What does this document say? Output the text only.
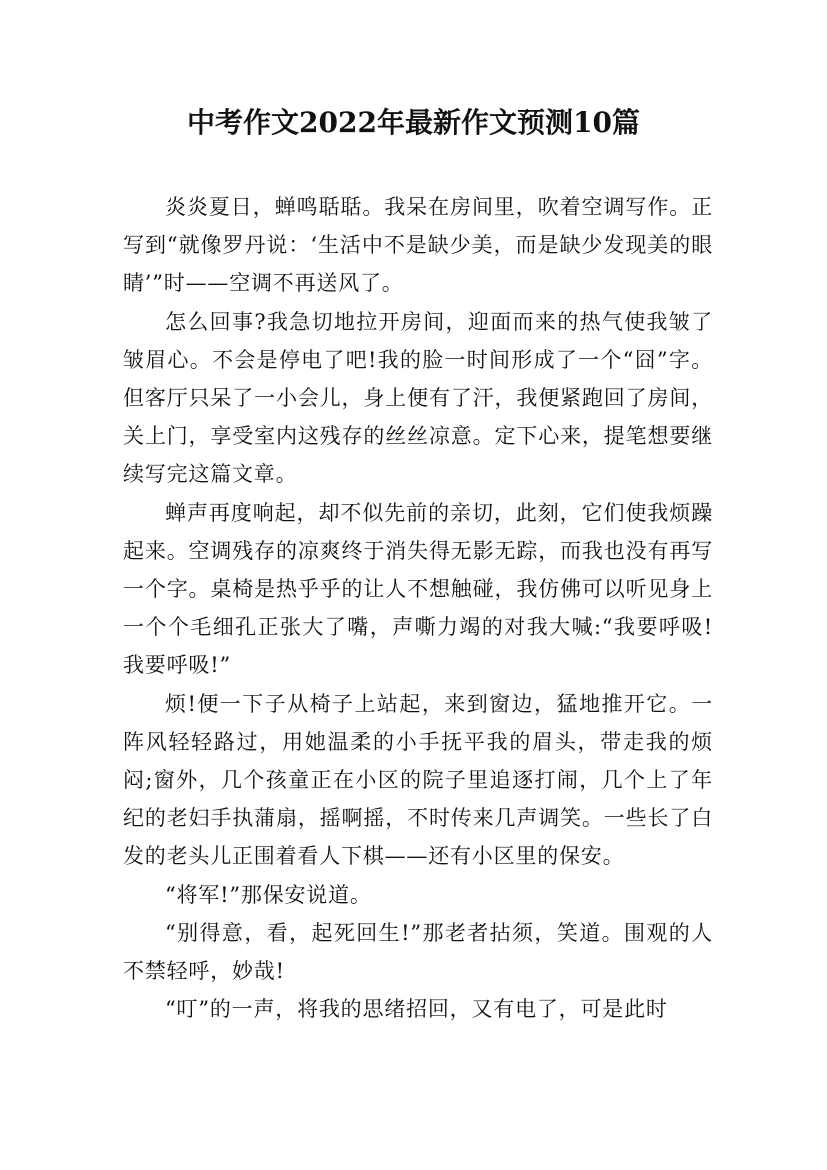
中考作文2022年最新作文预测10篇

炎炎夏日，蝉鸣聒聒。我呆在房间里，吹着空调写作。正写到“就像罗丹说：‘生活中不是缺少美，而是缺少发现美的眼睛’”时——空调不再送风了。

怎么回事?我急切地拉开房间，迎面而来的热气使我皱了皱眉心。不会是停电了吧!我的脸一时间形成了一个“囧”字。但客厅只呆了一小会儿，身上便有了汗，我便紧跑回了房间，关上门，享受室内这残存的丝丝凉意。定下心来，提笔想要继续写完这篇文章。

蝉声再度响起，却不似先前的亲切，此刻，它们使我烦躁起来。空调残存的凉爽终于消失得无影无踪，而我也没有再写一个字。桌椅是热乎乎的让人不想触碰，我仿佛可以听见身上一个个毛细孔正张大了嘴，声嘶力竭的对我大喊:“我要呼吸!我要呼吸!”

烦!便一下子从椅子上站起，来到窗边，猛地推开它。一阵风轻轻路过，用她温柔的小手抚平我的眉头，带走我的烦闷;窗外，几个孩童正在小区的院子里追逐打闹，几个上了年纪的老妇手执蒲扇，摇啊摇，不时传来几声调笑。一些长了白发的老头儿正围着看人下棋——还有小区里的保安。

“将军!”那保安说道。

“别得意，看，起死回生!”那老者拈须，笑道。围观的人不禁轻呼，妙哉!

“叮”的一声，将我的思绪招回，又有电了，可是此时
